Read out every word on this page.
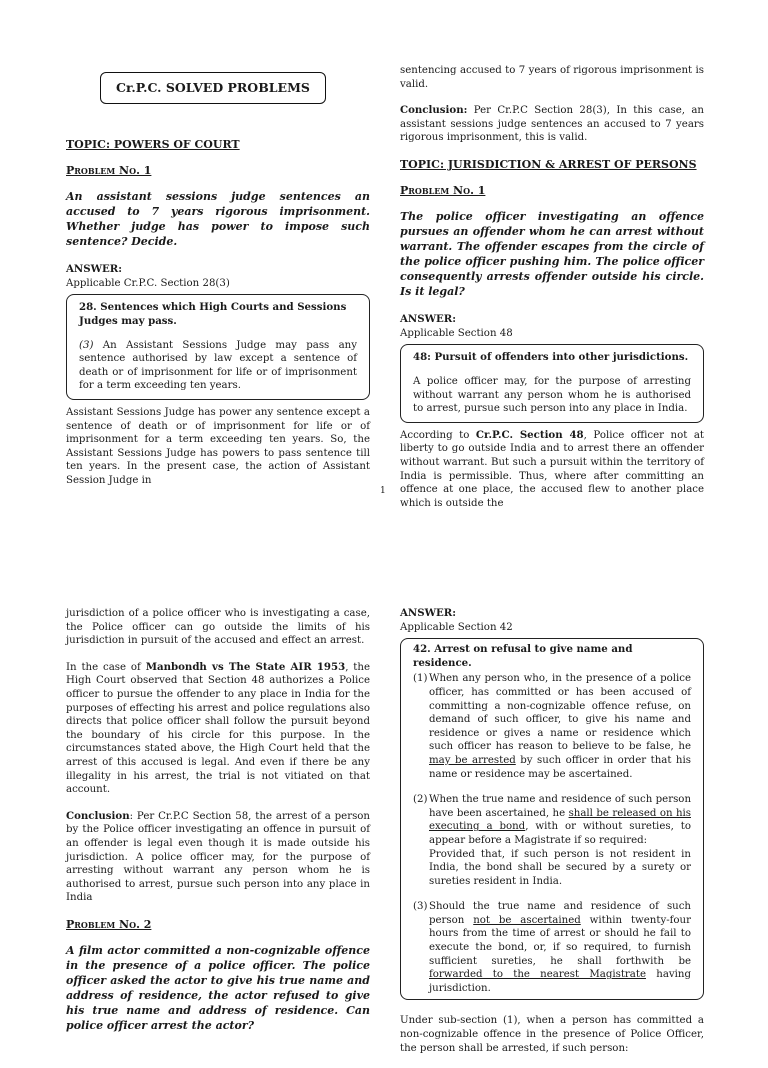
Cr.P.C. SOLVED PROBLEMS
TOPIC: POWERS OF COURT
Problem No. 1
An assistant sessions judge sentences an accused to 7 years rigorous imprisonment. Whether judge has power to impose such sentence? Decide.
ANSWER:
Applicable Cr.P.C. Section 28(3)
28. Sentences which High Courts and Sessions Judges may pass.

(3) An Assistant Sessions Judge may pass any sentence authorised by law except a sentence of death or of imprisonment for life or of imprisonment for a term exceeding ten years.

Assistant Sessions Judge has power any sentence except a sentence of death or of imprisonment for life or of imprisonment for a term exceeding ten years. So, the Assistant Sessions Judge has powers to pass sentence till ten years. In the present case, the action of Assistant Session Judge in

sentencing accused to 7 years of rigorous imprisonment is valid.

Conclusion: Per Cr.P.C Section 28(3), In this case, an assistant sessions judge sentences an accused to 7 years rigorous imprisonment, this is valid.

TOPIC: JURISDICTION & ARREST OF PERSONS
Problem No. 1
The police officer investigating an offence pursues an offender whom he can arrest without warrant. The offender escapes from the circle of the police officer pushing him. The police officer consequently arrests offender outside his circle. Is it legal?
ANSWER:
Applicable Section 48
48: Pursuit of offenders into other jurisdictions.

A police officer may, for the purpose of arresting without warrant any person whom he is authorised to arrest, pursue such person into any place in India.

According to Cr.P.C. Section 48, Police officer not at liberty to go outside India and to arrest there an offender without warrant. But such a pursuit within the territory of India is permissible. Thus, where after committing an offence at one place, the accused flew to another place which is outside the

1

jurisdiction of a police officer who is investigating a case, the Police officer can go outside the limits of his jurisdiction in pursuit of the accused and effect an arrest.

In the case of Manbondh vs The State AIR 1953, the High Court observed that Section 48 authorizes a Police officer to pursue the offender to any place in India for the purposes of effecting his arrest and police regulations also directs that police officer shall follow the pursuit beyond the boundary of his circle for this purpose. In the circumstances stated above, the High Court held that the arrest of this accused is legal. And even if there be any illegality in his arrest, the trial is not vitiated on that account.

Conclusion: Per Cr.P.C Section 58, the arrest of a person by the Police officer investigating an offence in pursuit of an offender is legal even though it is made outside his jurisdiction. A police officer may, for the purpose of arresting without warrant any person whom he is authorised to arrest, pursue such person into any place in India

Problem No. 2
A film actor committed a non-cognizable offence in the presence of a police officer. The police officer asked the actor to give his true name and address of residence, the actor refused to give his true name and address of residence. Can police officer arrest the actor?
ANSWER:
Applicable Section 42
42. Arrest on refusal to give name and residence.
(1) When any person who, in the presence of a police officer, has committed or has been accused of committing a non-cognizable offence refuse, on demand of such officer, to give his name and residence or gives a name or residence which such officer has reason to believe to be false, he may be arrested by such officer in order that his name or residence may be ascertained.
(2) When the true name and residence of such person have been ascertained, he shall be released on his executing a bond, with or without sureties, to appear before a Magistrate if so required:
Provided that, if such person is not resident in India, the bond shall be secured by a surety or sureties resident in India.
(3) Should the true name and residence of such person not be ascertained within twenty-four hours from the time of arrest or should he fail to execute the bond, or, if so required, to furnish sufficient sureties, he shall forthwith be forwarded to the nearest Magistrate having jurisdiction.

Under sub-section (1), when a person has committed a non-cognizable offence in the presence of Police Officer, the person shall be arrested, if such person:
